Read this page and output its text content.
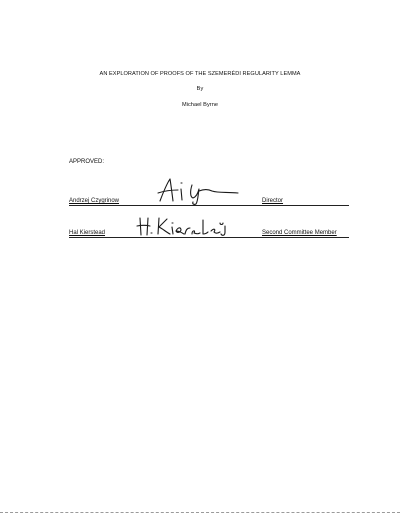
AN EXPLORATION OF PROOFS OF THE SZEMERÉDI REGULARITY LEMMA
By
Michael Byrne
APPROVED:
Andrzej Czygrinow	Director
Hal Kierstead	Second Committee Member
